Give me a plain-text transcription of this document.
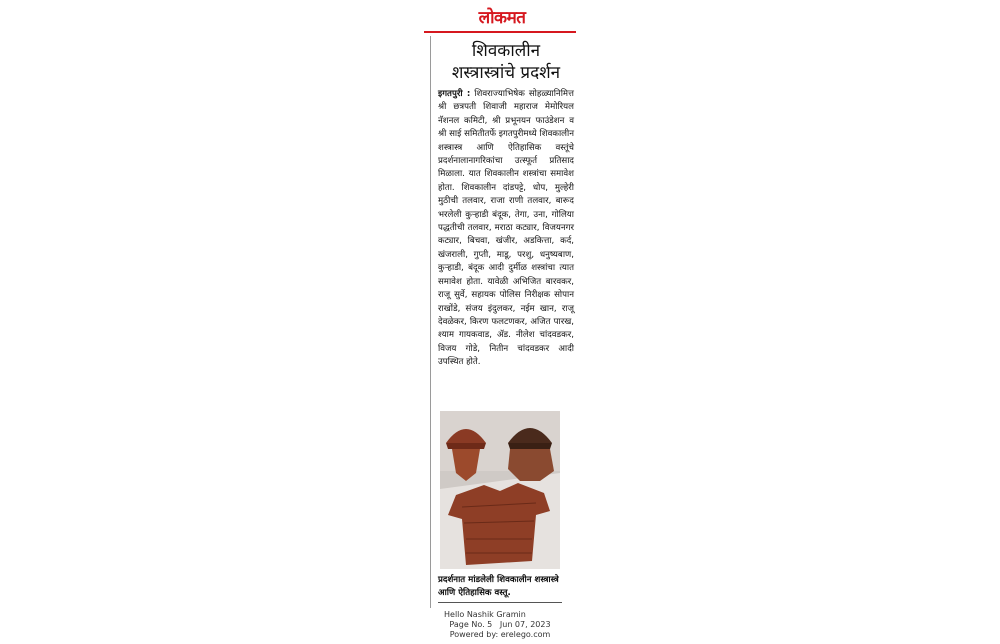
लोकमत
शिवकालीन
शस्त्रास्त्रांचे प्रदर्शन
इगतपुरी : शिवराज्याभिषेक सोहळ्यानिमित्त श्री छत्रपती शिवाजी महाराज मेमोरियल नॅशनल कमिटी, श्री प्रभूनयन फाउंडेशन व श्री साई समितीतर्फे इगतपुरीमध्ये शिवकालीन शस्त्रास्त्र आणि ऐतिहासिक वस्तूंचे प्रदर्शनालानागरिकांचा उत्स्फूर्त प्रतिसाद मिळाला. यात शिवकालीन शस्त्रांचा समावेश होता. शिवकालीन दांडपट्टे, धोप, मुल्हेरी मुठीची तलवार, राजा राणी तलवार, बारूद भरलेली कुऱ्हाडी बंदूक, तेगा, उना, गोलिया पद्धतीची तलवार, मराठा कट्यार, विजयनगर कट्यार, बिचवा, खंजीर, अडकित्ता, कर्द, खंजराली, गुप्ती, माडू, परशु, धनुष्यबाण, कुऱ्हाडी, बंदूक आदी दुर्मीळ शस्त्रांचा त्यात समावेश होता. यावेळी अभिजित बारवकर, राजू सुर्वे, सहायक पोलिस निरीक्षक सोपान राखोंडे, संजय इंदुलकर, नईम खान, राजू देवळेकर, किरण फलटणकर, अजित पारख, श्याम गायकवाड, ॲड. नीलेश चांदवडकर, विजय गोडे, नितीन चांदवडकर आदी उपस्थित होते.
प्रदर्शनात मांडलेली शिवकालीन शस्त्रास्त्रे आणि ऐतिहासिक वस्तू.
Hello Nashik Gramin
Page No. 5 Jun 07, 2023
Powered by: erelego.com
